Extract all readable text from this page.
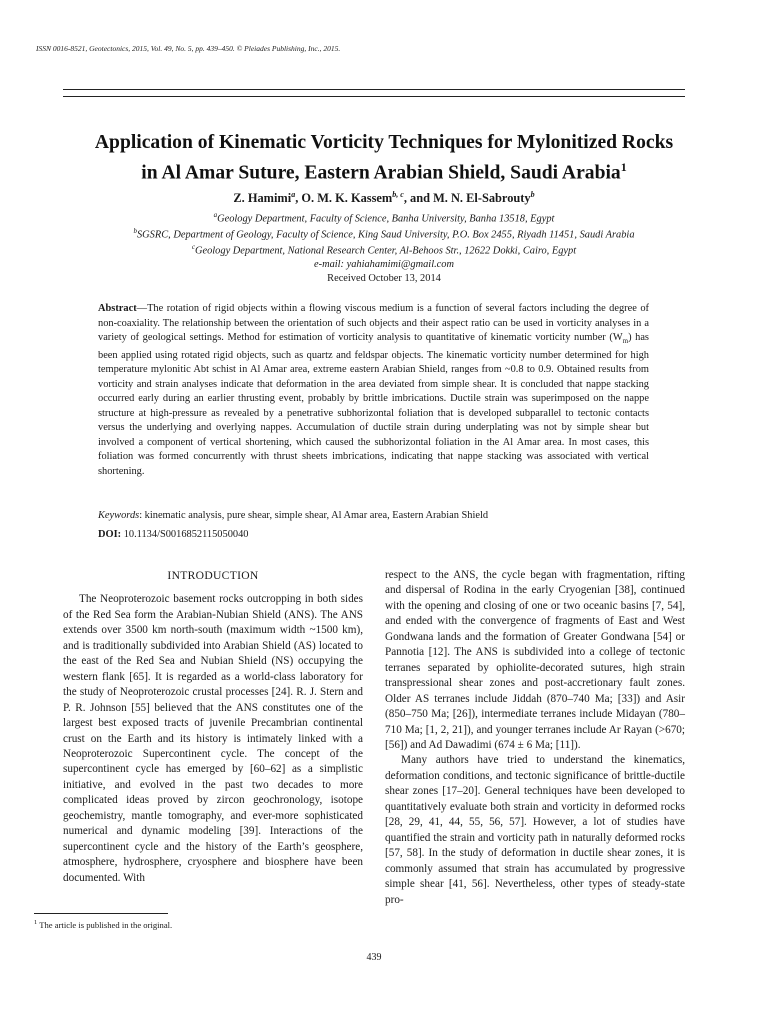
ISSN 0016-8521, Geotectonics, 2015, Vol. 49, No. 5, pp. 439–450. © Pleiades Publishing, Inc., 2015.
Application of Kinematic Vorticity Techniques for Mylonitized Rocks
in Al Amar Suture, Eastern Arabian Shield, Saudi Arabia$^1$
Z. Hamimi$^a$, O. M. K. Kassem$^{b, c}$, and M. N. El-Sabrouty$^b$
$^a$Geology Department, Faculty of Science, Banha University, Banha 13518, Egypt
$^b$SGSRC, Department of Geology, Faculty of Science, King Saud University, P.O. Box 2455, Riyadh 11451, Saudi Arabia
$^c$Geology Department, National Research Center, Al-Behoos Str., 12622 Dokki, Cairo, Egypt
e-mail: yahiahamimi@gmail.com
Received October 13, 2014
Abstract—The rotation of rigid objects within a flowing viscous medium is a function of several factors including the degree of non-coaxiality. The relationship between the orientation of such objects and their aspect ratio can be used in vorticity analyses in a variety of geological settings. Method for estimation of vorticity analysis to quantitative of kinematic vorticity number $(W_m)$ has been applied using rotated rigid objects, such as quartz and feldspar objects. The kinematic vorticity number determined for high temperature mylonitic Abt schist in Al Amar area, extreme eastern Arabian Shield, ranges from ~0.8 to 0.9. Obtained results from vorticity and strain analyses indicate that deformation in the area deviated from simple shear. It is concluded that nappe stacking occurred early during an earlier thrusting event, probably by brittle imbrications. Ductile strain was superimposed on the nappe structure at high-pressure as revealed by a penetrative subhorizontal foliation that is developed subparallel to tectonic contacts versus the underlying and overlying nappes. Accumulation of ductile strain during underplating was not by simple shear but involved a component of vertical shortening, which caused the subhorizontal foliation in the Al Amar area. In most cases, this foliation was formed concurrently with thrust sheets imbrications, indicating that nappe stacking was associated with vertical shortening.
Keywords: kinematic analysis, pure shear, simple shear, Al Amar area, Eastern Arabian Shield
DOI: 10.1134/S0016852115050040
INTRODUCTION

The Neoproterozoic basement rocks outcropping in both sides of the Red Sea form the Arabian-Nubian Shield (ANS). The ANS extends over 3500 km north-south (maximum width ~1500 km), and is traditionally subdivided into Arabian Shield (AS) located to the east of the Red Sea and Nubian Shield (NS) occupying the western flank [65]. It is regarded as a world-class laboratory for the study of Neoproterozoic crustal processes [24]. R. J. Stern and P. R. Johnson [55] believed that the ANS constitutes one of the largest best exposed tracts of juvenile Precambrian continental crust on the Earth and its history is intimately linked with a Neoproterozoic Supercontinent cycle. The concept of the supercontinent cycle has emerged by [60–62] as a simplistic initiative, and evolved in the past two decades to more complicated ideas proved by zircon geochronology, isotope geochemistry, mantle tomography, and ever-more sophisticated numerical and dynamic modeling [39]. Interactions of the supercontinent cycle and the history of the Earth’s geosphere, atmosphere, hydrosphere, cryosphere and biosphere have been documented. With

respect to the ANS, the cycle began with fragmentation, rifting and dispersal of Rodina in the early Cryogenian [38], continued with the opening and closing of one or two oceanic basins [7, 54], and ended with the convergence of fragments of East and West Gondwana lands and the formation of Greater Gondwana [54] or Pannotia [12]. The ANS is subdivided into a college of tectonic terranes separated by ophiolite-decorated sutures, high strain transpressional shear zones and post-accretionary fault zones. Older AS terranes include Jiddah (870–740 Ma; [33]) and Asir (850–750 Ma; [26]), intermediate terranes include Midayan (780–710 Ma; [1, 2, 21]), and younger terranes include Ar Rayan (>670; [56]) and Ad Dawadimi (674 ± 6 Ma; [11]).

Many authors have tried to understand the kinematics, deformation conditions, and tectonic significance of brittle-ductile shear zones [17–20]. General techniques have been developed to quantitatively evaluate both strain and vorticity in deformed rocks [28, 29, 41, 44, 55, 56, 57]. However, a lot of studies have quantified the strain and vorticity path in naturally deformed rocks [57, 58]. In the study of deformation in ductile shear zones, it is commonly assumed that strain has accumulated by progressive simple shear [41, 56]. Nevertheless, other types of steady-state pro-

$^1$ The article is published in the original.
439
